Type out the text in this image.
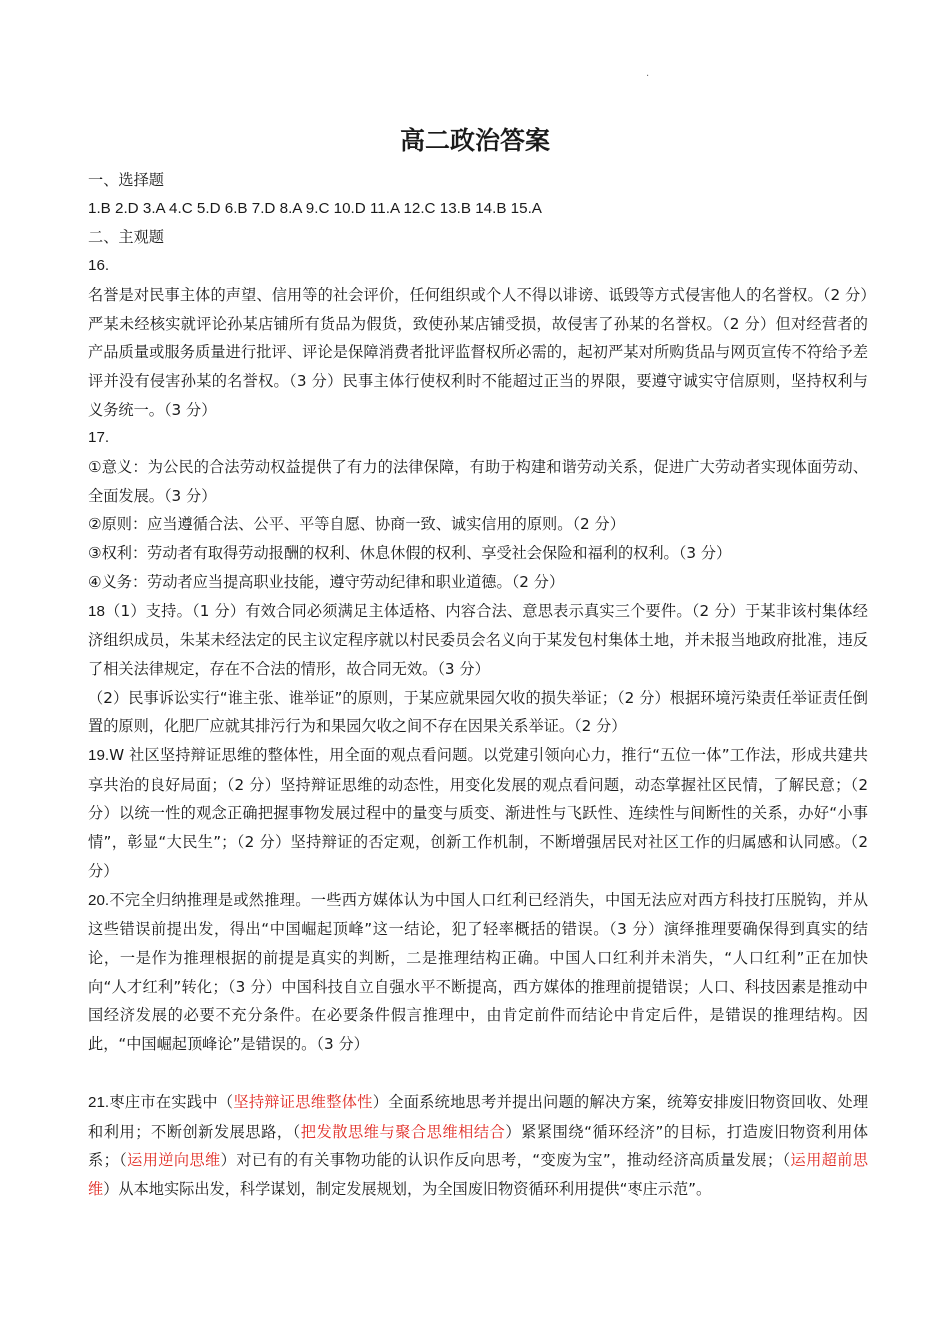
.
高二政治答案

一、选择题

1.B 2.D 3.A 4.C 5.D 6.B 7.D 8.A 9.C 10.D 11.A 12.C 13.B 14.B 15.A

二、主观题

16.

名誉是对民事主体的声望、信用等的社会评价，任何组织或个人不得以诽谤、诋毁等方式侵害他人的名誉权。（2 分）严某未经核实就评论孙某店铺所有货品为假货，致使孙某店铺受损，故侵害了孙某的名誉权。（2 分）但对经营者的产品质量或服务质量进行批评、评论是保障消费者批评监督权所必需的，起初严某对所购货品与网页宣传不符给予差评并没有侵害孙某的名誉权。（3 分）民事主体行使权利时不能超过正当的界限，要遵守诚实守信原则，坚持权利与义务统一。（3 分）

17.

①意义：为公民的合法劳动权益提供了有力的法律保障，有助于构建和谐劳动关系，促进广大劳动者实现体面劳动、全面发展。（3 分）

②原则：应当遵循合法、公平、平等自愿、协商一致、诚实信用的原则。（2 分）

③权利：劳动者有取得劳动报酬的权利、休息休假的权利、享受社会保险和福利的权利。（3 分）

④义务：劳动者应当提高职业技能，遵守劳动纪律和职业道德。（2 分）

18（1）支持。（1 分）有效合同必须满足主体适格、内容合法、意思表示真实三个要件。（2 分）于某非该村集体经济组织成员，朱某未经法定的民主议定程序就以村民委员会名义向于某发包村集体土地，并未报当地政府批准，违反了相关法律规定，存在不合法的情形，故合同无效。（3 分）

（2）民事诉讼实行“谁主张、谁举证”的原则，于某应就果园欠收的损失举证；（2 分）根据环境污染责任举证责任倒置的原则，化肥厂应就其排污行为和果园欠收之间不存在因果关系举证。（2 分）

19.W 社区坚持辩证思维的整体性，用全面的观点看问题。以党建引领向心力，推行“五位一体”工作法，形成共建共享共治的良好局面；（2 分）坚持辩证思维的动态性，用变化发展的观点看问题，动态掌握社区民情，了解民意；（2 分）以统一性的观念正确把握事物发展过程中的量变与质变、渐进性与飞跃性、连续性与间断性的关系，办好“小事情”，彰显“大民生”；（2 分）坚持辩证的否定观，创新工作机制，不断增强居民对社区工作的归属感和认同感。（2 分）

20.不完全归纳推理是或然推理。一些西方媒体认为中国人口红利已经消失，中国无法应对西方科技打压脱钩，并从这些错误前提出发，得出“中国崛起顶峰”这一结论，犯了轻率概括的错误。（3 分）演绎推理要确保得到真实的结论，一是作为推理根据的前提是真实的判断，二是推理结构正确。中国人口红利并未消失，“人口红利”正在加快向“人才红利”转化；（3 分）中国科技自立自强水平不断提高，西方媒体的推理前提错误；人口、科技因素是推动中国经济发展的必要不充分条件。在必要条件假言推理中，由肯定前件而结论中肯定后件，是错误的推理结构。因此，“中国崛起顶峰论”是错误的。（3 分）

21.枣庄市在实践中（坚持辩证思维整体性）全面系统地思考并提出问题的解决方案，统筹安排废旧物资回收、处理和利用；不断创新发展思路，（把发散思维与聚合思维相结合）紧紧围绕“循环经济”的目标，打造废旧物资利用体系；（运用逆向思维）对已有的有关事物功能的认识作反向思考，“变废为宝”，推动经济高质量发展；（运用超前思维）从本地实际出发，科学谋划，制定发展规划，为全国废旧物资循环利用提供“枣庄示范”。
